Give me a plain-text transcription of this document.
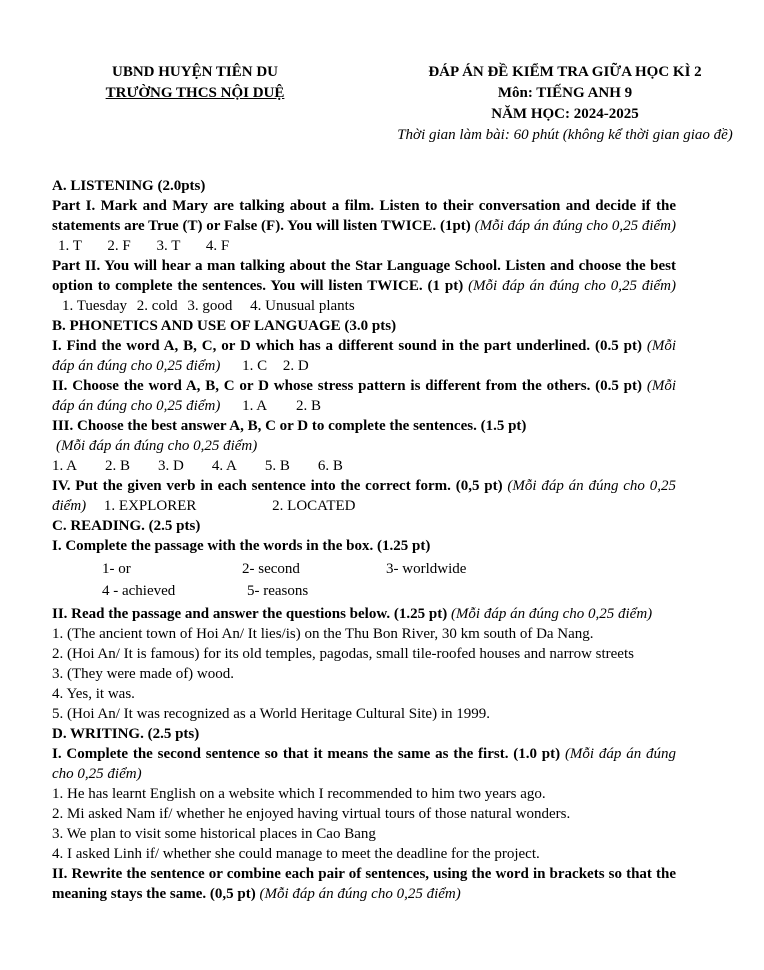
UBND HUYỆN TIÊN DU
TRƯỜNG THCS NỘI DUỆ
ĐÁP ÁN ĐỀ KIỂM TRA GIỮA HỌC KÌ 2
Môn: TIẾNG ANH 9
NĂM HỌC: 2024-2025
Thời gian làm bài: 60 phút (không kể thời gian giao đề)
A. LISTENING (2.0pts)
Part I. Mark and Mary are talking about a film. Listen to their conversation and decide if the statements are True (T) or False (F). You will listen TWICE. (1pt) (Mỗi đáp án đúng cho 0,25 điểm) 1. T 2. F 3. T 4. F
Part II. You will hear a man talking about the Star Language School. Listen and choose the best option to complete the sentences. You will listen TWICE. (1 pt) (Mỗi đáp án đúng cho 0,25 điểm) 1. Tuesday 2. cold 3. good 4. Unusual plants
B. PHONETICS AND USE OF LANGUAGE (3.0 pts)
I. Find the word A, B, C, or D which has a different sound in the part underlined. (0.5 pt) (Mỗi đáp án đúng cho 0,25 điểm) 1. C 2. D
II. Choose the word A, B, C or D whose stress pattern is different from the others. (0.5 pt) (Mỗi đáp án đúng cho 0,25 điểm) 1. A 2. B
III. Choose the best answer A, B, C or D to complete the sentences. (1.5 pt)
(Mỗi đáp án đúng cho 0,25 điểm)
1. A 2. B 3. D 4. A 5. B 6. B
IV. Put the given verb in each sentence into the correct form. (0,5 pt) (Mỗi đáp án đúng cho 0,25 điểm) 1. EXPLORER	2. LOCATED
C. READING. (2.5 pts)
I. Complete the passage with the words in the box. (1.25 pt)
1- or	2- second	3- worldwide
4 - achieved	5- reasons
II. Read the passage and answer the questions below. (1.25 pt) (Mỗi đáp án đúng cho 0,25 điểm)
1. (The ancient town of Hoi An/ It lies/is) on the Thu Bon River, 30 km south of Da Nang.
2. (Hoi An/ It is famous) for its old temples, pagodas, small tile-roofed houses and narrow streets
3. (They were made of) wood.
4. Yes, it was.
5. (Hoi An/ It was recognized as a World Heritage Cultural Site) in 1999.
D. WRITING. (2.5 pts)
I. Complete the second sentence so that it means the same as the first. (1.0 pt) (Mỗi đáp án đúng cho 0,25 điểm)
1. He has learnt English on a website which I recommended to him two years ago.
2. Mi asked Nam if/ whether he enjoyed having virtual tours of those natural wonders.
3. We plan to visit some historical places in Cao Bang
4. I asked Linh if/ whether she could manage to meet the deadline for the project.
II. Rewrite the sentence or combine each pair of sentences, using the word in brackets so that the meaning stays the same. (0,5 pt) (Mỗi đáp án đúng cho 0,25 điểm)
